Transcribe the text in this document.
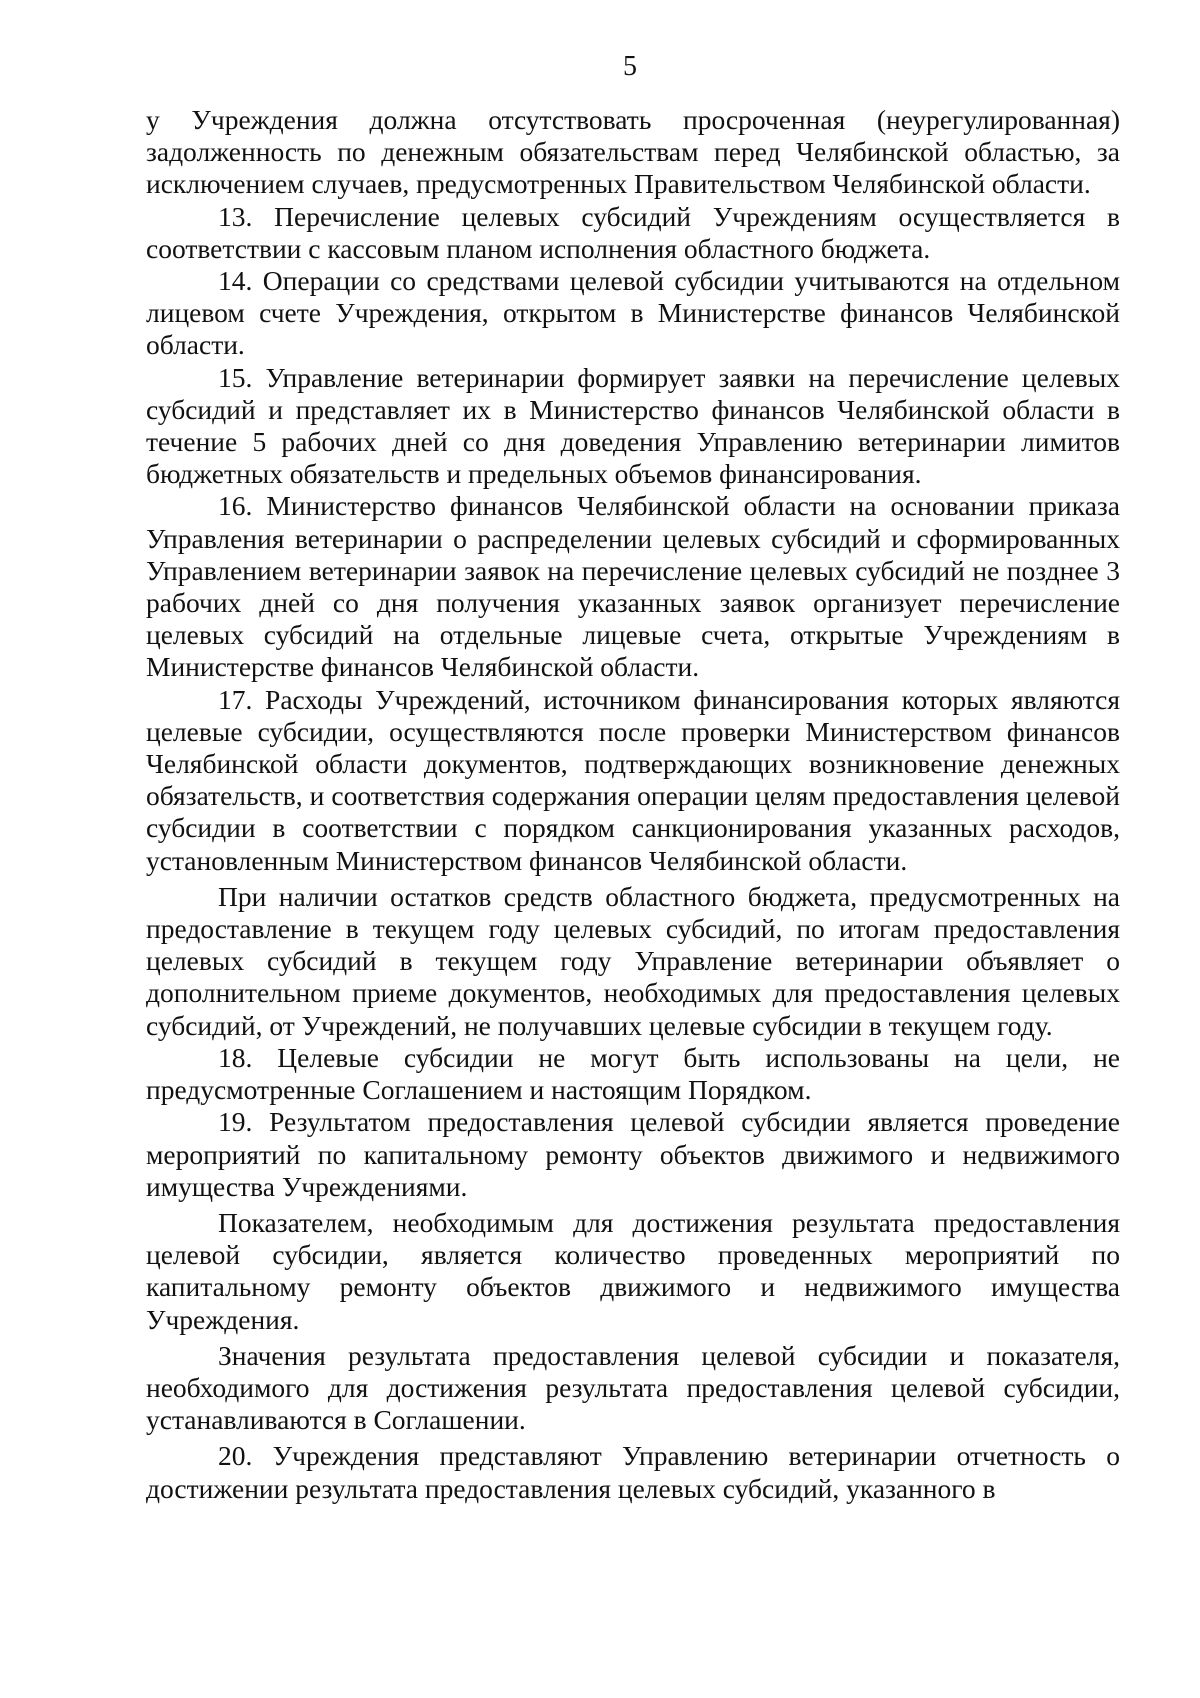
5

у Учреждения должна отсутствовать просроченная (неурегулированная) задолженность по денежным обязательствам перед Челябинской областью, за исключением случаев, предусмотренных Правительством Челябинской области.

13. Перечисление целевых субсидий Учреждениям осуществляется в соответствии с кассовым планом исполнения областного бюджета.

14. Операции со средствами целевой субсидии учитываются на отдельном лицевом счете Учреждения, открытом в Министерстве финансов Челябинской области.

15. Управление ветеринарии формирует заявки на перечисление целевых субсидий и представляет их в Министерство финансов Челябинской области в течение 5 рабочих дней со дня доведения Управлению ветеринарии лимитов бюджетных обязательств и предельных объемов финансирования.

16. Министерство финансов Челябинской области на основании приказа Управления ветеринарии о распределении целевых субсидий и сформированных Управлением ветеринарии заявок на перечисление целевых субсидий не позднее 3 рабочих дней со дня получения указанных заявок организует перечисление целевых субсидий на отдельные лицевые счета, открытые Учреждениям в Министерстве финансов Челябинской области.

17. Расходы Учреждений, источником финансирования которых являются целевые субсидии, осуществляются после проверки Министерством финансов Челябинской области документов, подтверждающих возникновение денежных обязательств, и соответствия содержания операции целям предоставления целевой субсидии в соответствии с порядком санкционирования указанных расходов, установленным Министерством финансов Челябинской области.

При наличии остатков средств областного бюджета, предусмотренных на предоставление в текущем году целевых субсидий, по итогам предоставления целевых субсидий в текущем году Управление ветеринарии объявляет о дополнительном приеме документов, необходимых для предоставления целевых субсидий, от Учреждений, не получавших целевые субсидии в текущем году.

18. Целевые субсидии не могут быть использованы на цели, не предусмотренные Соглашением и настоящим Порядком.

19. Результатом предоставления целевой субсидии является проведение мероприятий по капитальному ремонту объектов движимого и недвижимого имущества Учреждениями.

Показателем, необходимым для достижения результата предоставления целевой субсидии, является количество проведенных мероприятий по капитальному ремонту объектов движимого и недвижимого имущества Учреждения.

Значения результата предоставления целевой субсидии и показателя, необходимого для достижения результата предоставления целевой субсидии, устанавливаются в Соглашении.

20. Учреждения представляют Управлению ветеринарии отчетность о достижении результата предоставления целевых субсидий, указанного в
